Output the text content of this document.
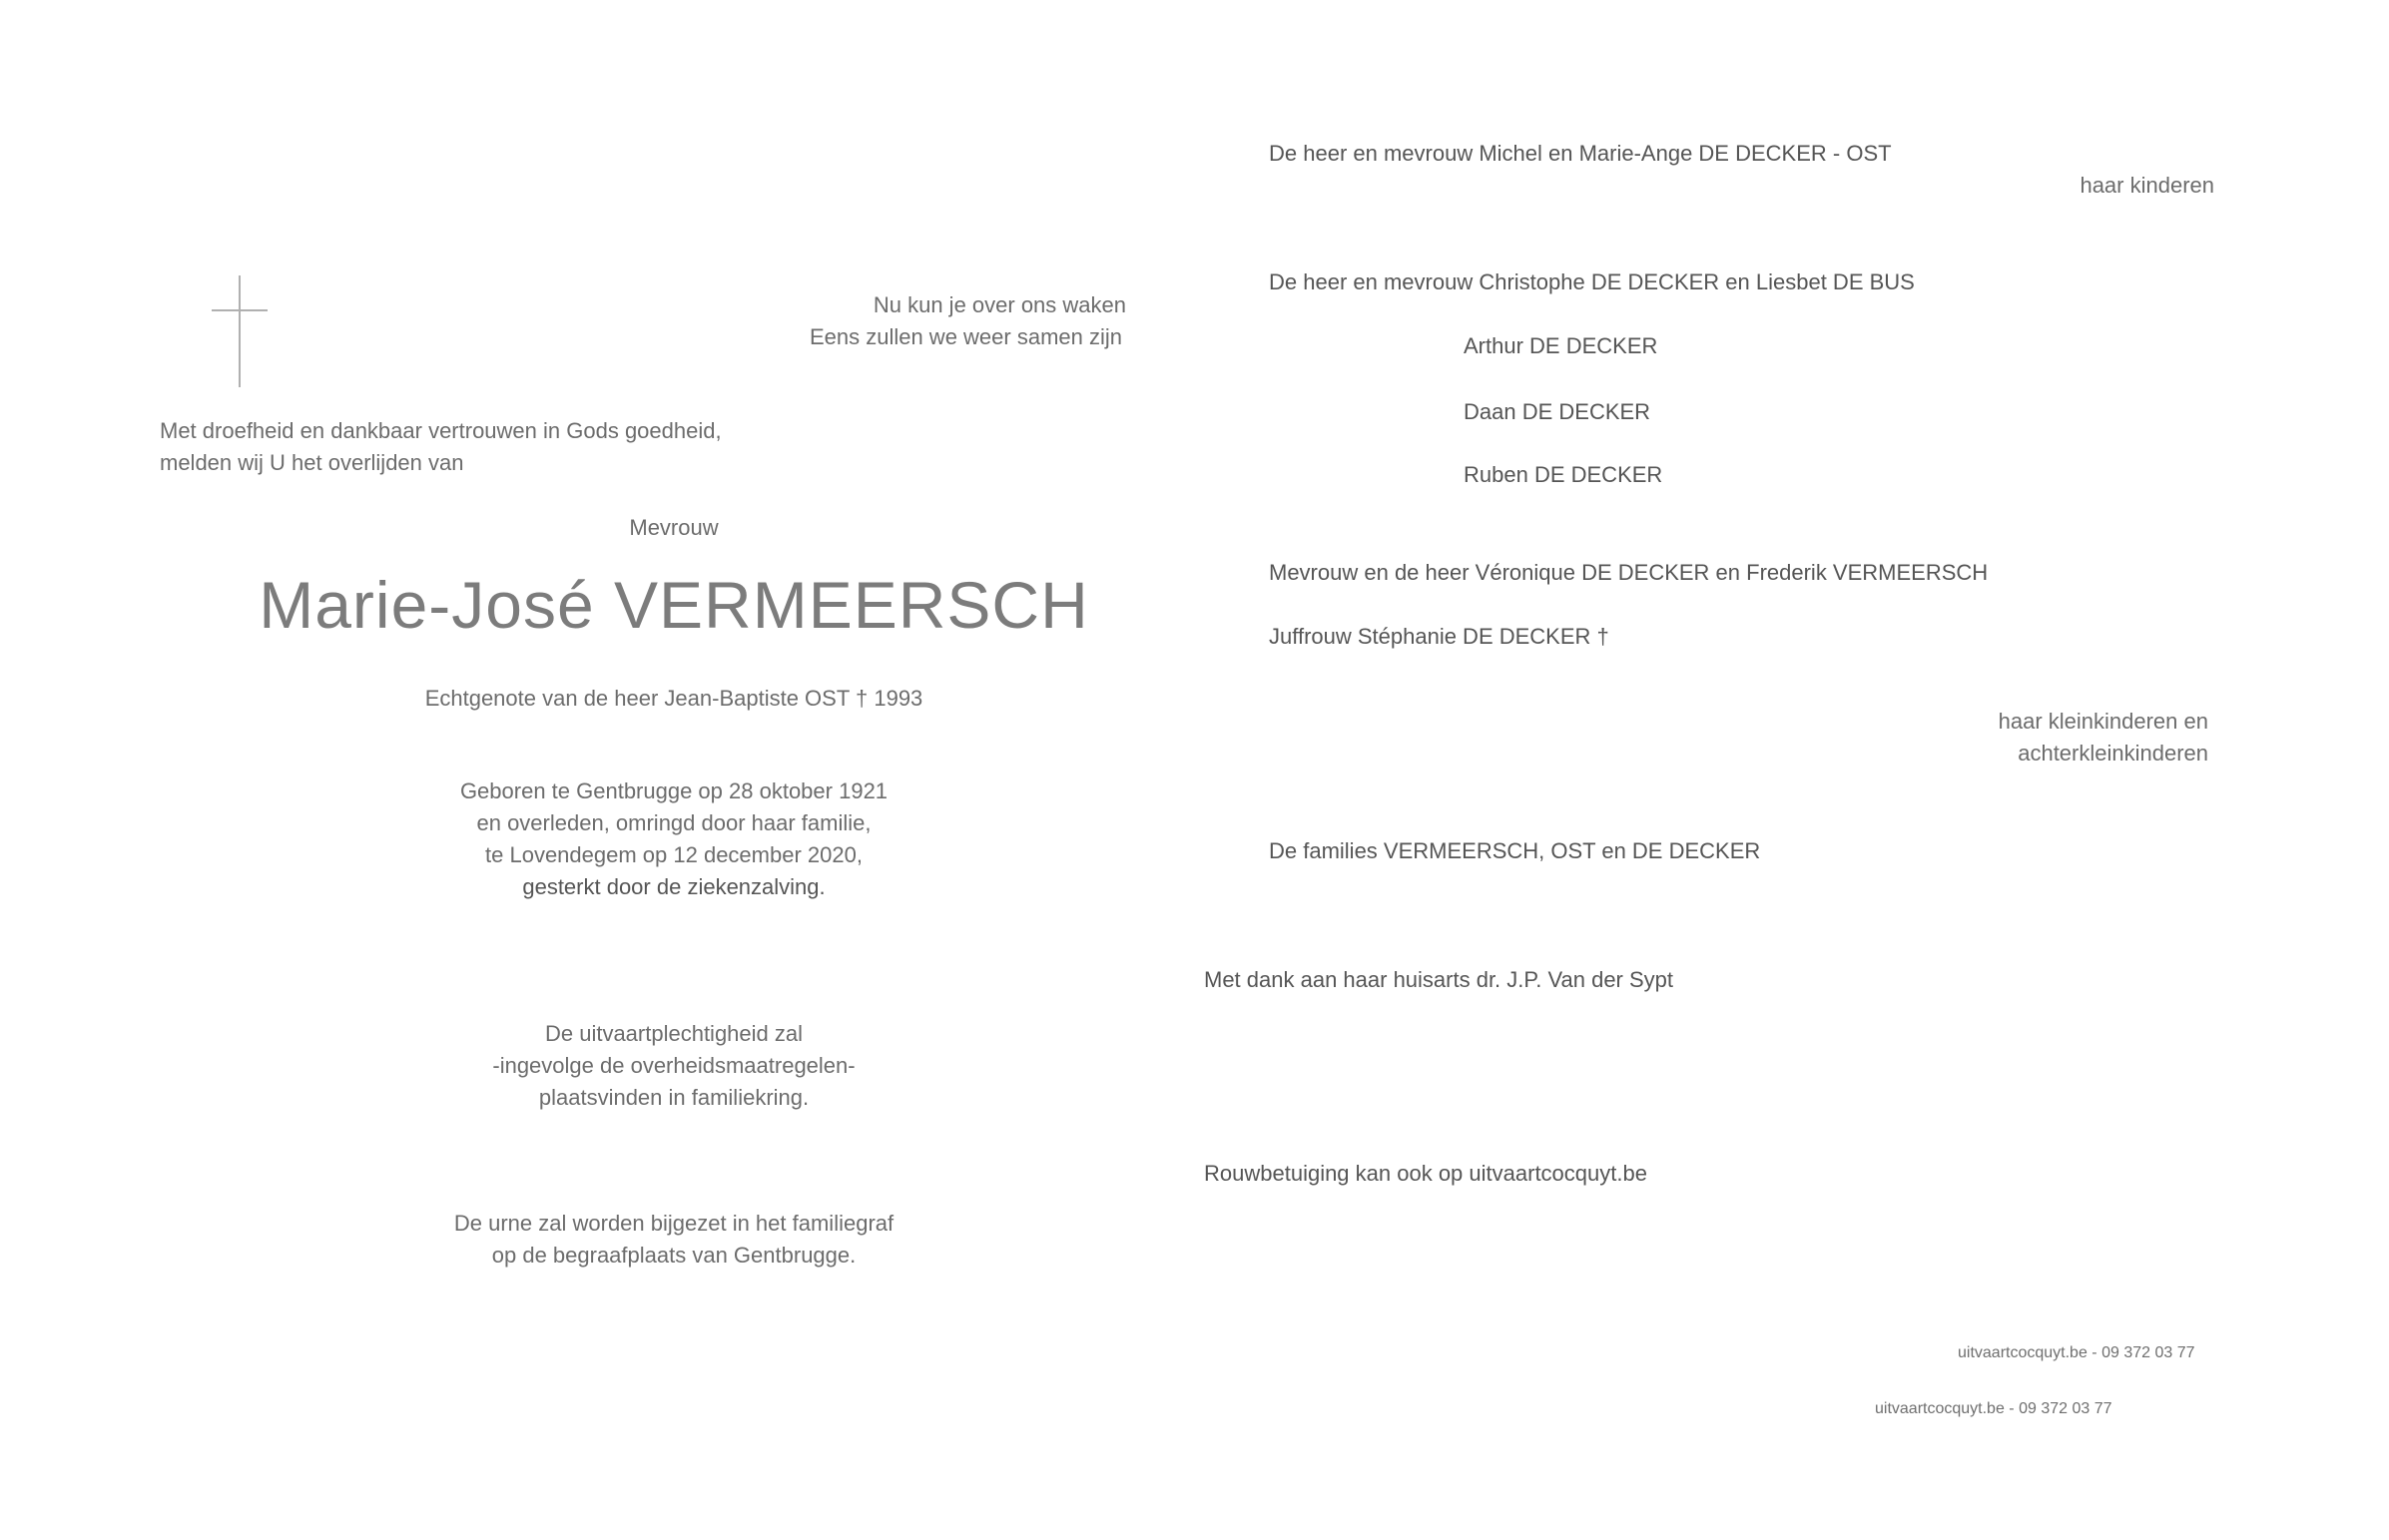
Nu kun je over ons waken
Eens zullen we weer samen zijn
Met droefheid en dankbaar vertrouwen in Gods goedheid,
melden wij U het overlijden van
Mevrouw
Marie-José VERMEERSCH
Echtgenote van de heer Jean-Baptiste OST † 1993
Geboren te Gentbrugge op 28 oktober 1921
en overleden, omringd door haar familie,
te Lovendegem op 12 december 2020,
gesterkt door de ziekenzalving.
De uitvaartplechtigheid zal
-ingevolge de overheidsmaatregelen-
plaatsvinden in familiekring.
De urne zal worden bijgezet in het familiegraf
op de begraafplaats van Gentbrugge.
De heer en mevrouw Michel en Marie-Ange DE DECKER - OST
haar kinderen
De heer en mevrouw Christophe DE DECKER en Liesbet DE BUS
Arthur DE DECKER
Daan DE DECKER
Ruben DE DECKER
Mevrouw en de heer Véronique DE DECKER en Frederik VERMEERSCH
Juffrouw Stéphanie DE DECKER †
haar kleinkinderen en
achterkleinkinderen
De families VERMEERSCH, OST en DE DECKER
Met dank aan haar huisarts dr. J.P. Van der Sypt
Rouwbetuiging kan ook op uitvaartcocquyt.be
uitvaartcocquyt.be - 09 372 03 77
uitvaartcocquyt.be - 09 372 03 77
